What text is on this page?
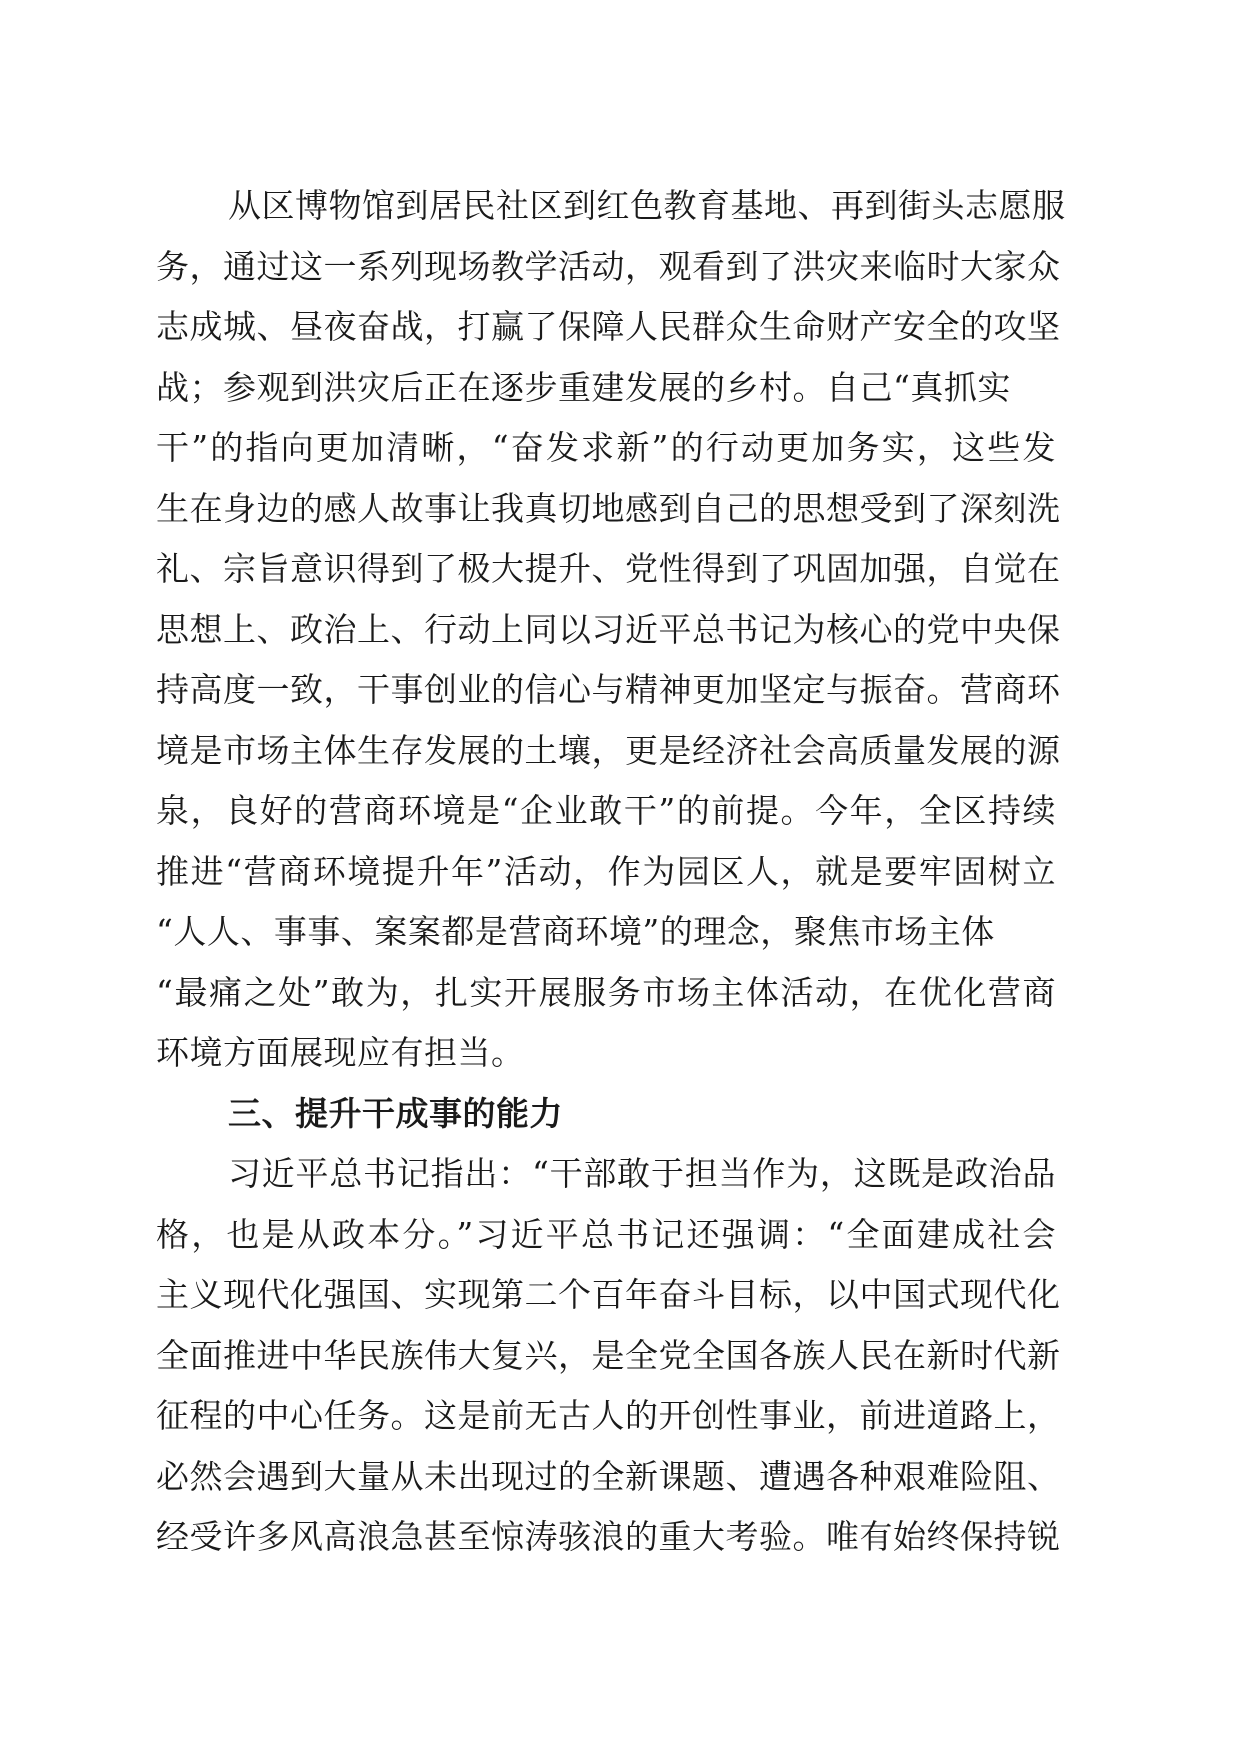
从区博物馆到居民社区到红色教育基地、再到街头志愿服
务，通过这一系列现场教学活动，观看到了洪灾来临时大家众
志成城、昼夜奋战，打赢了保障人民群众生命财产安全的攻坚
战；参观到洪灾后正在逐步重建发展的乡村。自己“真抓实
干”的指向更加清晰，“奋发求新”的行动更加务实，这些发
生在身边的感人故事让我真切地感到自己的思想受到了深刻洗
礼、宗旨意识得到了极大提升、党性得到了巩固加强，自觉在
思想上、政治上、行动上同以习近平总书记为核心的党中央保
持高度一致，干事创业的信心与精神更加坚定与振奋。营商环
境是市场主体生存发展的土壤，更是经济社会高质量发展的源
泉，良好的营商环境是“企业敢干”的前提。今年，全区持续
推进“营商环境提升年”活动，作为园区人，就是要牢固树立
“人人、事事、案案都是营商环境”的理念，聚焦市场主体
“最痛之处”敢为，扎实开展服务市场主体活动，在优化营商
环境方面展现应有担当。
三、提升干成事的能力
习近平总书记指出：“干部敢于担当作为，这既是政治品
格，也是从政本分。”习近平总书记还强调：“全面建成社会
主义现代化强国、实现第二个百年奋斗目标，以中国式现代化
全面推进中华民族伟大复兴，是全党全国各族人民在新时代新
征程的中心任务。这是前无古人的开创性事业，前进道路上，
必然会遇到大量从未出现过的全新课题、遭遇各种艰难险阻、
经受许多风高浪急甚至惊涛骇浪的重大考验。唯有始终保持锐
